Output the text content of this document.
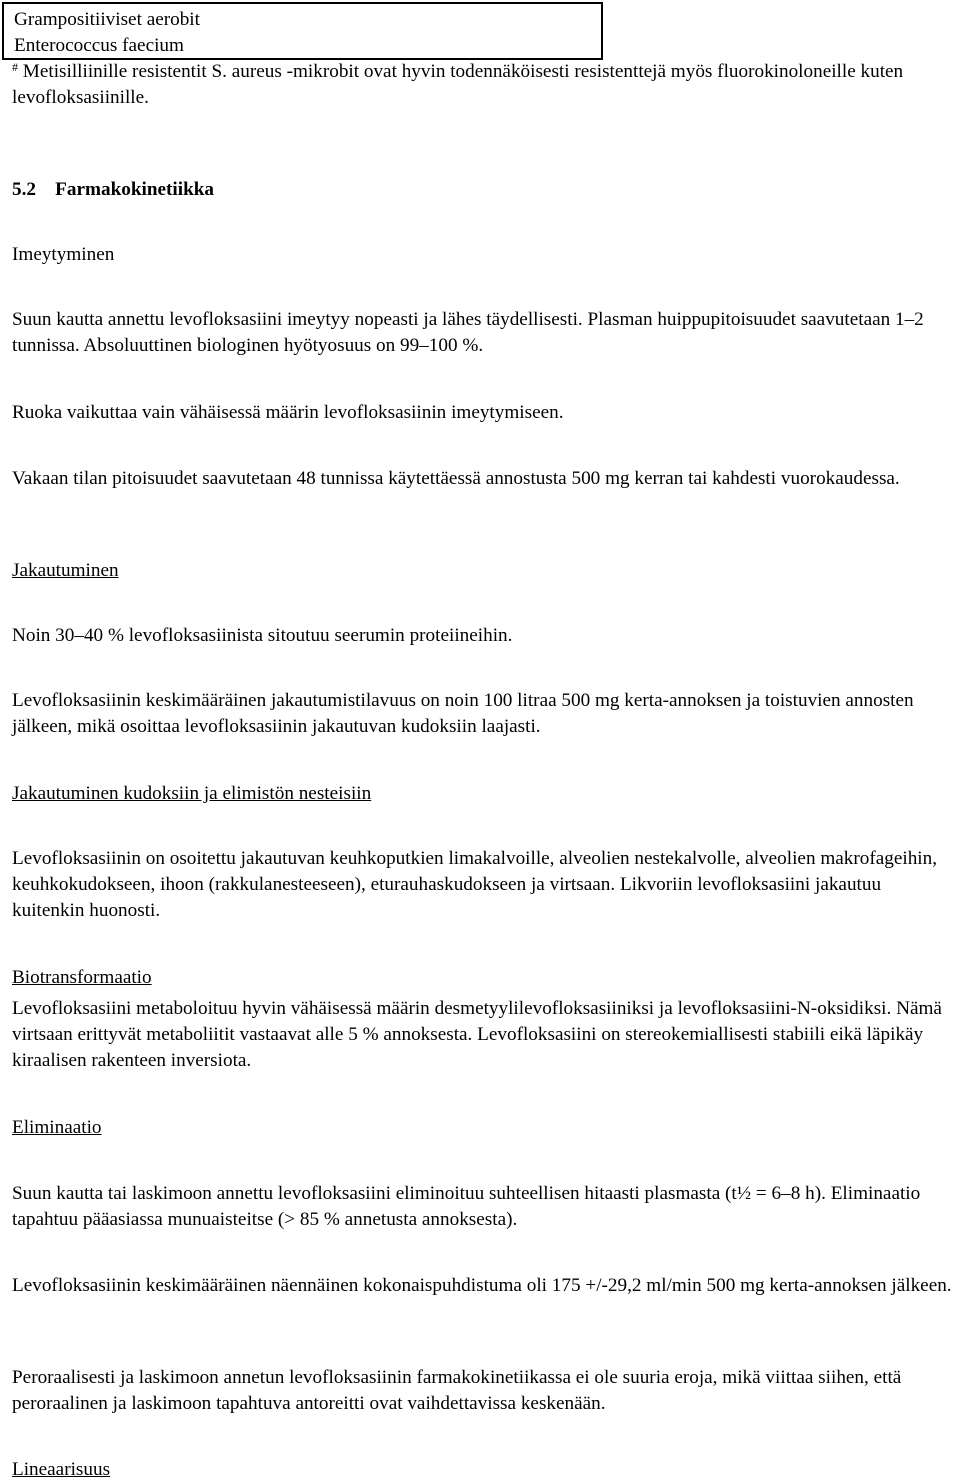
Grampositiiviset aerobit
Enterococcus faecium

# Metisilliinille resistentit S. aureus -mikrobit ovat hyvin todennäköisesti resistenttejä myös fluorokinoloneille kuten levofloksasiinille.

5.2 Farmakokinetiikka

Imeytyminen

Suun kautta annettu levofloksasiini imeytyy nopeasti ja lähes täydellisesti. Plasman huippupitoisuudet saavutetaan 1–2 tunnissa. Absoluuttinen biologinen hyötyosuus on 99–100 %.

Ruoka vaikuttaa vain vähäisessä määrin levofloksasiinin imeytymiseen.

Vakaan tilan pitoisuudet saavutetaan 48 tunnissa käytettäessä annostusta 500 mg kerran tai kahdesti vuorokaudessa.

Jakautuminen

Noin 30–40 % levofloksasiinista sitoutuu seerumin proteiineihin.

Levofloksasiinin keskimääräinen jakautumistilavuus on noin 100 litraa 500 mg kerta-annoksen ja toistuvien annosten jälkeen, mikä osoittaa levofloksasiinin jakautuvan kudoksiin laajasti.

Jakautuminen kudoksiin ja elimistön nesteisiin

Levofloksasiinin on osoitettu jakautuvan keuhkoputkien limakalvoille, alveolien nestekalvolle, alveolien makrofageihin, keuhkokudokseen, ihoon (rakkulanesteeseen), eturauhaskudokseen ja virtsaan. Likvoriin levofloksasiini jakautuu kuitenkin huonosti.

Biotransformaatio

Levofloksasiini metaboloituu hyvin vähäisessä määrin desmetyylilevofloksasiiniksi ja levofloksasiini-N-oksidiksi. Nämä virtsaan erittyvät metaboliitit vastaavat alle 5 % annoksesta. Levofloksasiini on stereokemiallisesti stabiili eikä läpikäy kiraalisen rakenteen inversiota.

Eliminaatio

Suun kautta tai laskimoon annettu levofloksasiini eliminoituu suhteellisen hitaasti plasmasta (t½ = 6–8 h). Eliminaatio tapahtuu pääasiassa munuaisteitse (> 85 % annetusta annoksesta).

Levofloksasiinin keskimääräinen näennäinen kokonaispuhdistuma oli 175 +/-29,2 ml/min 500 mg kerta-annoksen jälkeen.

Peroraalisesti ja laskimoon annetun levofloksasiinin farmakokinetiikassa ei ole suuria eroja, mikä viittaa siihen, että peroraalinen ja laskimoon tapahtuva antoreitti ovat vaihdettavissa keskenään.

Lineaarisuus
